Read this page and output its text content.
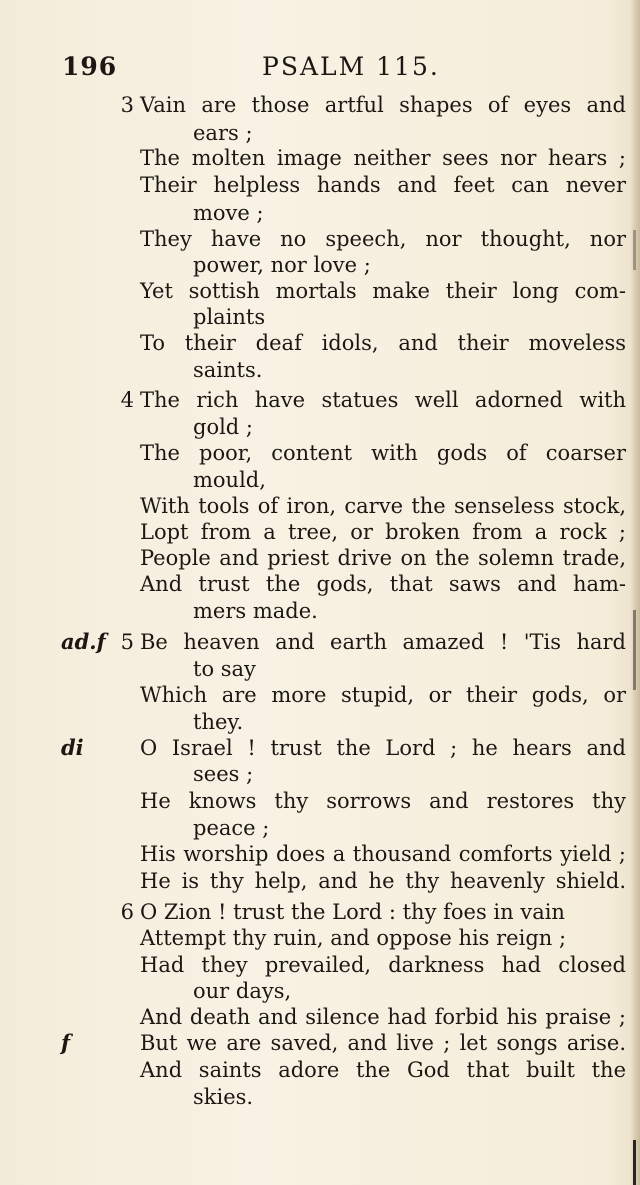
196	PSALM 115.
3 Vain are those artful shapes of eyes and
ears ;
The molten image neither sees nor hears ;
Their helpless hands and feet can never
move ;
They have no speech, nor thought, nor
power, nor love ;
Yet sottish mortals make their long com-
plaints
To their deaf idols, and their moveless
saints.
4 The rich have statues well adorned with
gold ;
The poor, content with gods of coarser
mould,
With tools of iron, carve the senseless stock,
Lopt from a tree, or broken from a rock ;
People and priest drive on the solemn trade,
And trust the gods, that saws and ham-
mers made.
ad.f 5 Be heaven and earth amazed ! 'Tis hard
to say
Which are more stupid, or their gods, or
they.
di	O Israel ! trust the Lord ; he hears and
sees ;
He knows thy sorrows and restores thy
peace ;
His worship does a thousand comforts yield ;
He is thy help, and he thy heavenly shield.
6 O Zion ! trust the Lord : thy foes in vain
Attempt thy ruin, and oppose his reign ;
Had they prevailed, darkness had closed
our days,
And death and silence had forbid his praise ;
f	But we are saved, and live ; let songs arise.
And saints adore the God that built the
skies.
